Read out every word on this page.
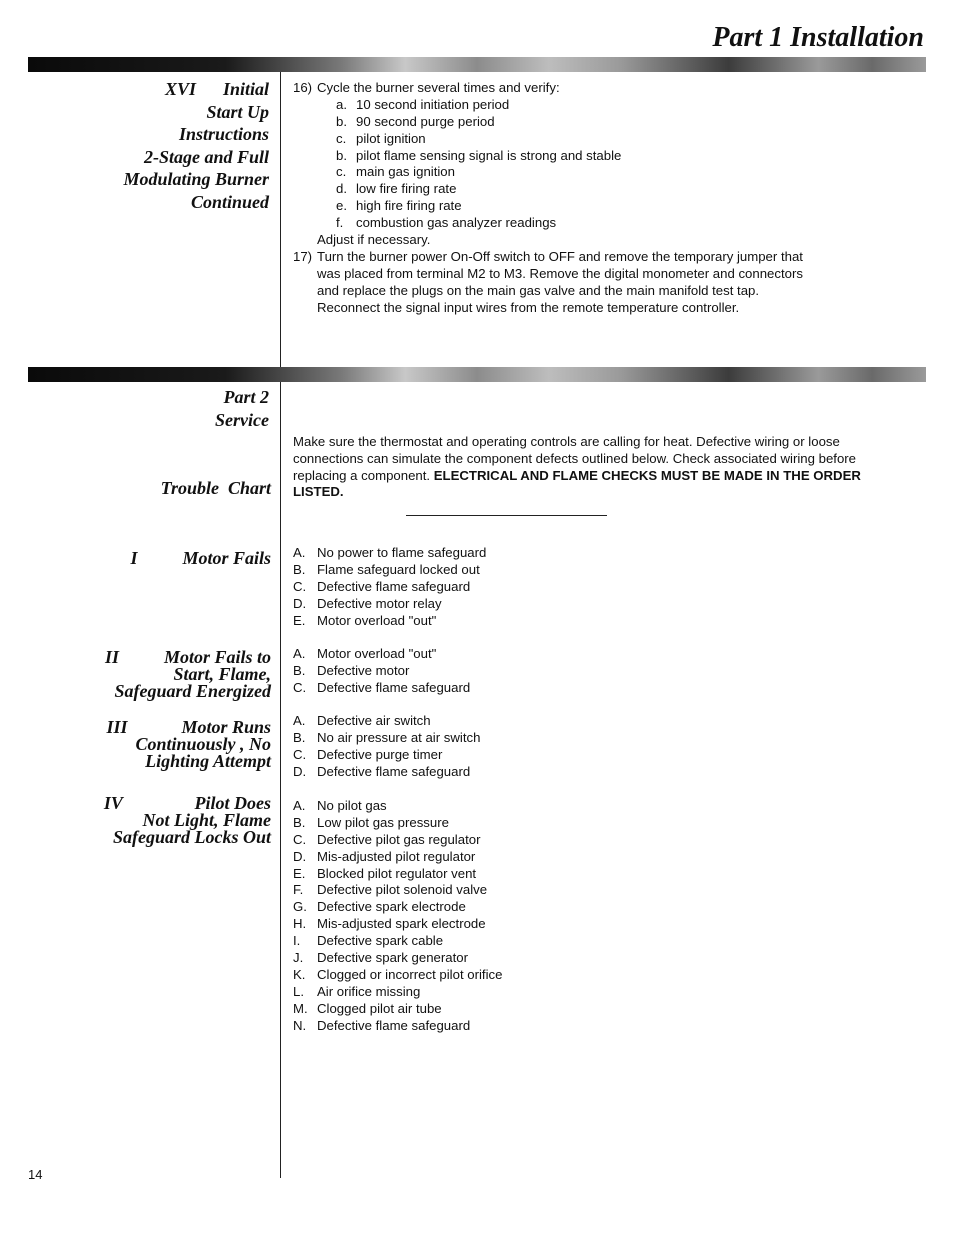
Part 1 Installation
XVI      Initial
Start Up
Instructions
2-Stage and Full
Modulating Burner
Continued
16) Cycle the burner several times and verify:
a. 10 second initiation period
b. 90 second purge period
c. pilot ignition
b. pilot flame sensing signal is strong and stable
c. main gas ignition
d. low fire firing rate
e. high fire firing rate
f. combustion gas analyzer readings
Adjust if necessary.
17) Turn the burner power On-Off switch to OFF and remove the temporary jumper that
was placed from terminal M2 to M3. Remove the digital monometer and connectors
and replace the plugs on the main gas valve and the main manifold test tap.
Reconnect the signal input wires from the remote temperature controller.
Part 2
Service
Trouble  Chart
Make sure the thermostat and operating controls are calling for heat. Defective wiring or loose connections can simulate the component defects outlined below. Check associated wiring before replacing a component. ELECTRICAL AND FLAME CHECKS MUST BE MADE IN THE ORDER LISTED.
I          Motor Fails A. No power to flame safeguard
B. Flame safeguard locked out
C. Defective flame safeguard
D. Defective motor relay
E. Motor overload "out"
II          Motor Fails to
Start, Flame,
Safeguard Energized
A. Motor overload "out"
B. Defective motor
C. Defective flame safeguard
III            Motor Runs
Continuously , No
Lighting Attempt
A. Defective air switch
B. No air pressure at air switch
C. Defective purge timer
D. Defective flame safeguard
IV                Pilot Does
Not Light, Flame
Safeguard Locks Out
A. No pilot gas
B. Low pilot gas pressure
C. Defective pilot gas regulator
D. Mis-adjusted pilot regulator
E. Blocked pilot regulator vent
F. Defective pilot solenoid valve
G. Defective spark electrode
H. Mis-adjusted spark electrode
I. Defective spark cable
J. Defective spark generator
K. Clogged or incorrect pilot orifice
L. Air orifice missing
M. Clogged pilot air tube
N. Defective flame safeguard
14
